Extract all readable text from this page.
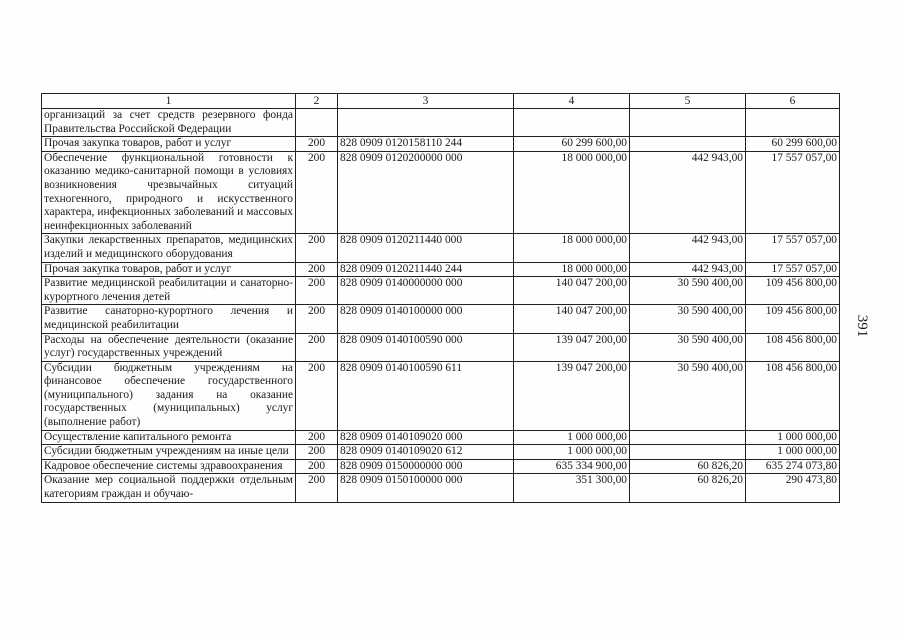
1	2	3	4	5	6
организаций за счет средств резервного фонда Правительства Российской Федерации					
Прочая закупка товаров, работ и услуг	200	828 0909 0120158110 244	60 299 600,00		60 299 600,00
Обеспечение функциональной готовности к оказанию медико-санитарной помощи в условиях возникновения чрезвычайных ситуаций техногенного, природного и искусственного характера, инфекционных заболеваний и массовых неинфекционных заболеваний	200	828 0909 0120200000 000	18 000 000,00	442 943,00	17 557 057,00
Закупки лекарственных препаратов, медицинских изделий и медицинского оборудования	200	828 0909 0120211440 000	18 000 000,00	442 943,00	17 557 057,00
Прочая закупка товаров, работ и услуг	200	828 0909 0120211440 244	18 000 000,00	442 943,00	17 557 057,00
Развитие медицинской реабилитации и санаторно-курортного лечения детей	200	828 0909 0140000000 000	140 047 200,00	30 590 400,00	109 456 800,00
Развитие санаторно-курортного лечения и медицинской реабилитации	200	828 0909 0140100000 000	140 047 200,00	30 590 400,00	109 456 800,00
Расходы на обеспечение деятельности (оказание услуг) государственных учреждений	200	828 0909 0140100590 000	139 047 200,00	30 590 400,00	108 456 800,00
Субсидии бюджетным учреждениям на финансовое обеспечение государственного (муниципального) задания на оказание государственных (муниципальных) услуг (выполнение работ)	200	828 0909 0140100590 611	139 047 200,00	30 590 400,00	108 456 800,00
Осуществление капитального ремонта	200	828 0909 0140109020 000	1 000 000,00		1 000 000,00
Субсидии бюджетным учреждениям на иные цели	200	828 0909 0140109020 612	1 000 000,00		1 000 000,00
Кадровое обеспечение системы здравоохранения	200	828 0909 0150000000 000	635 334 900,00	60 826,20	635 274 073,80
Оказание мер социальной поддержки отдельным категориям граждан и обучаю-	200	828 0909 0150100000 000	351 300,00	60 826,20	290 473,80
391
